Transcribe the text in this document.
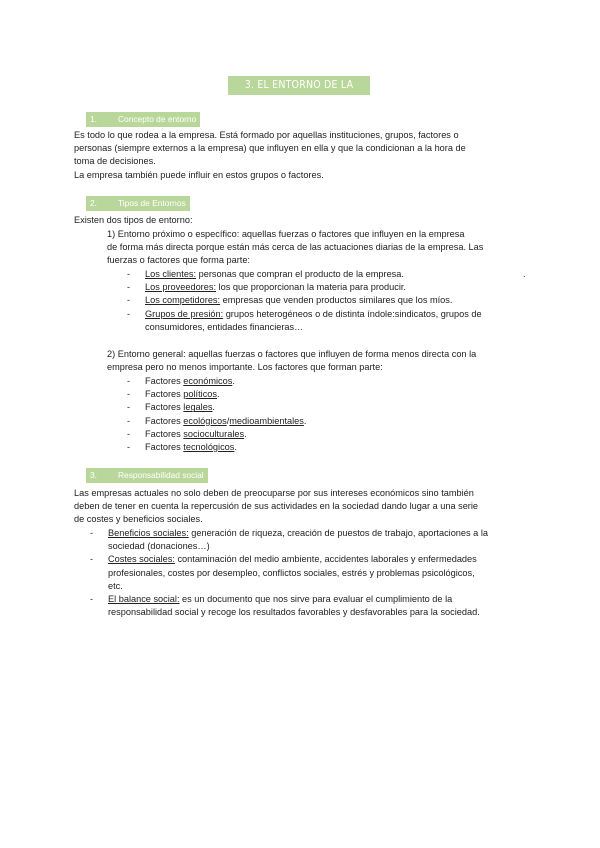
3. EL ENTORNO DE LA EMPRESA
1.	Concepto de entorno
Es todo lo que rodea a la empresa. Está formado por aquellas instituciones, grupos, factores o
personas (siempre externos a la empresa) que influyen en ella y que la condicionan a la hora de
toma de decisiones.
La empresa también puede influir en estos grupos o factores.
2.	Tipos de Entornos
Existen dos tipos de entorno:
1) Entorno próximo o específico: aquellas fuerzas o factores que influyen en la empresa
de forma más directa porque están más cerca de las actuaciones diarias de la empresa. Las
fuerzas o factores que forma parte:
- Los clientes: personas que compran el producto de la empresa.	.
- Los proveedores: los que proporcionan la materia para producir.
- Los competidores: empresas que venden productos similares que los míos.
- Grupos de presión: grupos heterogéneos o de distinta índole:sindicatos, grupos de
consumidores, entidades financieras…
2) Entorno general: aquellas fuerzas o factores que influyen de forma menos directa con la
empresa pero no menos importante. Los factores que forman parte:
- Factores económicos.
- Factores políticos.
- Factores legales.
- Factores ecológicos/medioambientales.
- Factores socioculturales.
- Factores tecnológicos.
3.	Responsabilidad social
Las empresas actuales no solo deben de preocuparse por sus intereses económicos sino también
deben de tener en cuenta la repercusión de sus actividades en la sociedad dando lugar a una serie
de costes y beneficios sociales.
- Beneficios sociales: generación de riqueza, creación de puestos de trabajo, aportaciones a la
sociedad (donaciones…)
- Costes sociales: contaminación del medio ambiente, accidentes laborales y enfermedades
profesionales, costes por desempleo, conflictos sociales, estrés y problemas psicológicos,
etc.
- El balance social: es un documento que nos sirve para evaluar el cumplimiento de la
responsabilidad social y recoge los resultados favorables y desfavorables para la sociedad.
